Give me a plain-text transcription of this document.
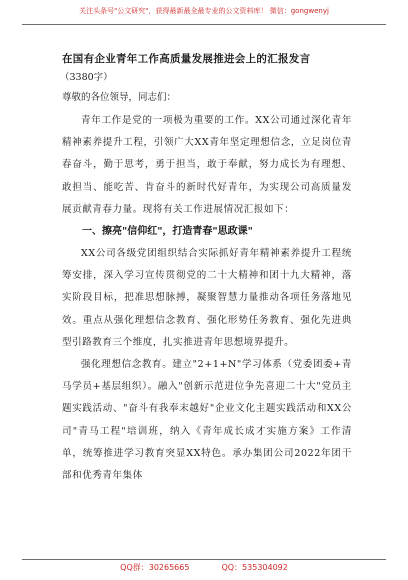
关注头条号"公文研究"，获得最新最全最专业的公文资料库！ 微信：gongwenyj
在国有企业青年工作高质量发展推进会上的汇报发言
（3380字）
尊敬的各位领导，同志们：

青年工作是党的一项极为重要的工作。XX公司通过深化青年精神素养提升工程，引领广大XX青年坚定理想信念，立足岗位青春奋斗，勤于思考，勇于担当，敢于奉献，努力成长为有理想、敢担当、能吃苦、肯奋斗的新时代好青年，为实现公司高质量发展贡献青春力量。现将有关工作进展情况汇报如下：

一、擦亮"信仰红"，打造青春"思政课"

XX公司各级党团组织结合实际抓好青年精神素养提升工程统筹安排，深入学习宣传贯彻党的二十大精神和团十九大精神，落实阶段目标，把准思想脉搏，凝聚智慧力量推动各项任务落地见效。重点从强化理想信念教育、强化形势任务教育、强化先进典型引路教育三个维度，扎实推进青年思想境界提升。

强化理想信念教育。建立"2+1+N"学习体系（党委团委+青马学员+基层组织）。融入"创新示范进位争先喜迎二十大"党员主题实践活动、"奋斗有我奉末越好"企业文化主题实践活动和XX公司"青马工程"培训班，纳入《青年成长成才实施方案》工作清单，统筹推进学习教育突显XX特色。承办集团公司2022年团干部和优秀青年集体

QQ群：30265665	QQ：535304092
